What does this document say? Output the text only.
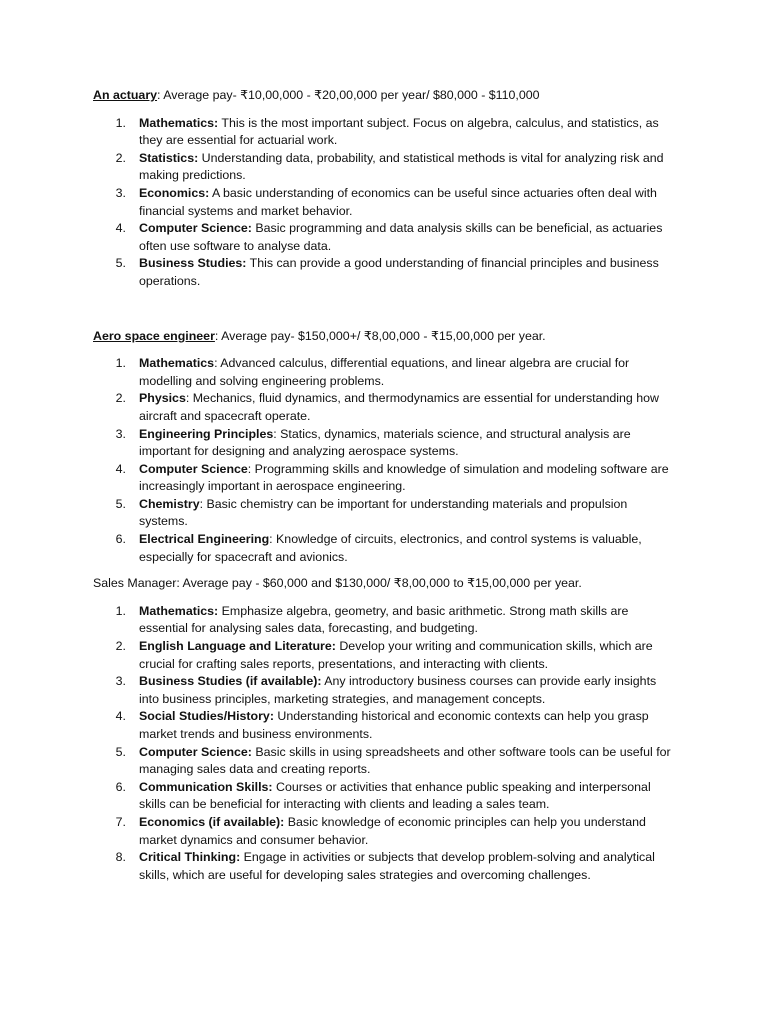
An actuary: Average pay- ₹10,00,000 - ₹20,00,000 per year/ $80,000 - $110,000

1. Mathematics: This is the most important subject. Focus on algebra, calculus, and statistics, as they are essential for actuarial work.
2. Statistics: Understanding data, probability, and statistical methods is vital for analyzing risk and making predictions.
3. Economics: A basic understanding of economics can be useful since actuaries often deal with financial systems and market behavior.
4. Computer Science: Basic programming and data analysis skills can be beneficial, as actuaries often use software to analyse data.
5. Business Studies: This can provide a good understanding of financial principles and business operations.

Aero space engineer: Average pay- $150,000+/ ₹8,00,000 - ₹15,00,000 per year.

1. Mathematics: Advanced calculus, differential equations, and linear algebra are crucial for modelling and solving engineering problems.
2. Physics: Mechanics, fluid dynamics, and thermodynamics are essential for understanding how aircraft and spacecraft operate.
3. Engineering Principles: Statics, dynamics, materials science, and structural analysis are important for designing and analyzing aerospace systems.
4. Computer Science: Programming skills and knowledge of simulation and modeling software are increasingly important in aerospace engineering.
5. Chemistry: Basic chemistry can be important for understanding materials and propulsion systems.
6. Electrical Engineering: Knowledge of circuits, electronics, and control systems is valuable, especially for spacecraft and avionics.

Sales Manager: Average pay - $60,000 and $130,000/ ₹8,00,000 to ₹15,00,000 per year.

1. Mathematics: Emphasize algebra, geometry, and basic arithmetic. Strong math skills are essential for analysing sales data, forecasting, and budgeting.
2. English Language and Literature: Develop your writing and communication skills, which are crucial for crafting sales reports, presentations, and interacting with clients.
3. Business Studies (if available): Any introductory business courses can provide early insights into business principles, marketing strategies, and management concepts.
4. Social Studies/History: Understanding historical and economic contexts can help you grasp market trends and business environments.
5. Computer Science: Basic skills in using spreadsheets and other software tools can be useful for managing sales data and creating reports.
6. Communication Skills: Courses or activities that enhance public speaking and interpersonal skills can be beneficial for interacting with clients and leading a sales team.
7. Economics (if available): Basic knowledge of economic principles can help you understand market dynamics and consumer behavior.
8. Critical Thinking: Engage in activities or subjects that develop problem-solving and analytical skills, which are useful for developing sales strategies and overcoming challenges.
